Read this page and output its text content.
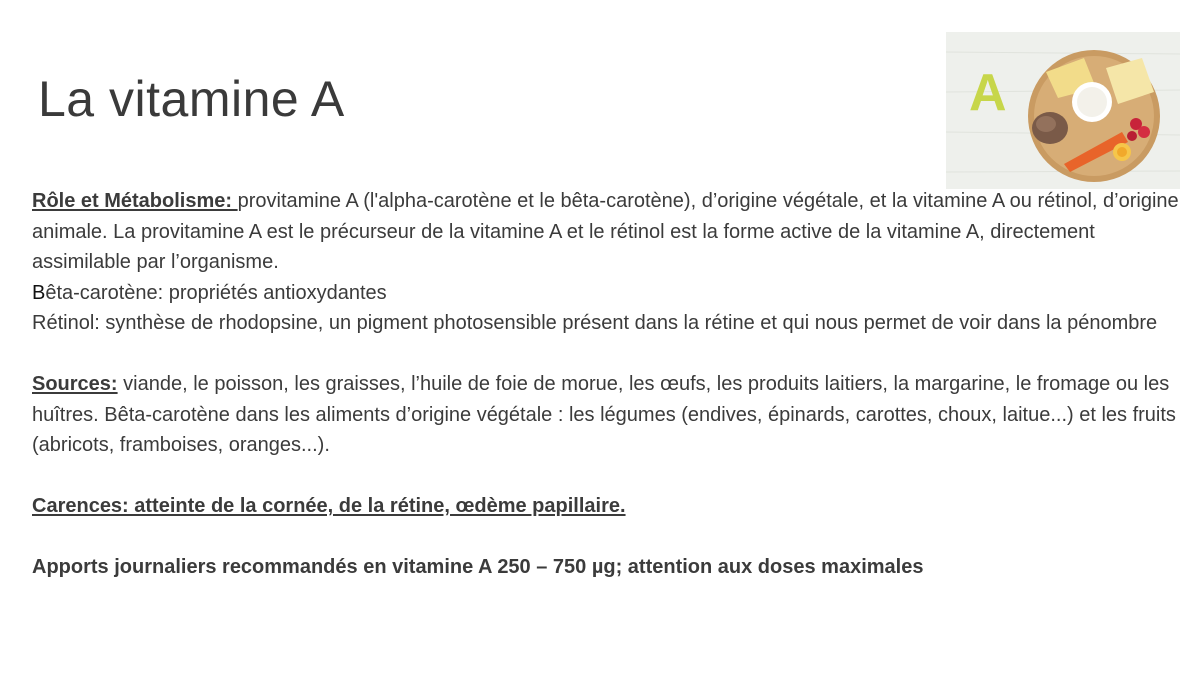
La vitamine A	A

Rôle et Métabolisme: provitamine A (l'alpha-carotène et le bêta-carotène), d’origine végétale, et la vitamine A ou rétinol, d’origine animale. La provitamine A est le précurseur de la vitamine A et le rétinol est la forme active de la vitamine A, directement assimilable par l’organisme.

Bêta-carotène: propriétés antioxydantes

Rétinol: synthèse de rhodopsine, un pigment photosensible présent dans la rétine et qui nous permet de voir dans la pénombre

Sources: viande, le poisson, les graisses, l’huile de foie de morue, les œufs, les produits laitiers, la margarine, le fromage ou les huîtres. Bêta-carotène dans les aliments d’origine végétale : les légumes (endives, épinards, carottes, choux, laitue...) et les fruits (abricots, framboises, oranges...).

Carences: atteinte de la cornée, de la rétine, œdème papillaire.

Apports journaliers recommandés en vitamine A 250 – 750 µg; attention aux doses maximales
